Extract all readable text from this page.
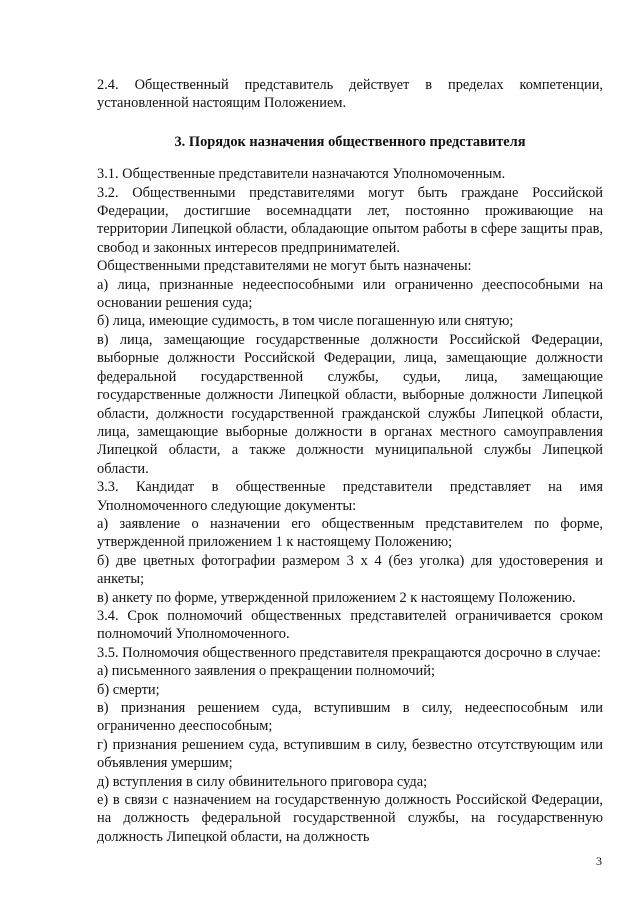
2.4. Общественный представитель действует в пределах компетенции, установленной настоящим Положением.

3. Порядок назначения общественного представителя

3.1. Общественные представители назначаются Уполномоченным.

3.2. Общественными представителями могут быть граждане Российской Федерации, достигшие восемнадцати лет, постоянно проживающие на территории Липецкой области, обладающие опытом работы в сфере защиты прав, свобод и законных интересов предпринимателей.

Общественными представителями не могут быть назначены:

а) лица, признанные недееспособными или ограниченно дееспособными на основании решения суда;

б) лица, имеющие судимость, в том числе погашенную или снятую;

в) лица, замещающие государственные должности Российской Федерации, выборные должности Российской Федерации, лица, замещающие должности федеральной государственной службы, судьи, лица, замещающие государственные должности Липецкой области, выборные должности Липецкой области, должности государственной гражданской службы Липецкой области, лица, замещающие выборные должности в органах местного самоуправления Липецкой области, а также должности муниципальной службы Липецкой области.

3.3. Кандидат в общественные представители представляет на имя Уполномоченного следующие документы:

а) заявление о назначении его общественным представителем по форме, утвержденной приложением 1 к настоящему Положению;

б) две цветных фотографии размером 3 х 4 (без уголка) для удостоверения и анкеты;

в) анкету по форме, утвержденной приложением 2 к настоящему Положению.

3.4. Срок полномочий общественных представителей ограничивается сроком полномочий Уполномоченного.

3.5. Полномочия общественного представителя прекращаются досрочно в случае:

а) письменного заявления о прекращении полномочий;

б) смерти;

в) признания решением суда, вступившим в силу, недееспособным или ограниченно дееспособным;

г) признания решением суда, вступившим в силу, безвестно отсутствующим или объявления умершим;

д) вступления в силу обвинительного приговора суда;

е) в связи с назначением на государственную должность Российской Федерации, на должность федеральной государственной службы, на государственную должность Липецкой области, на должность

3
